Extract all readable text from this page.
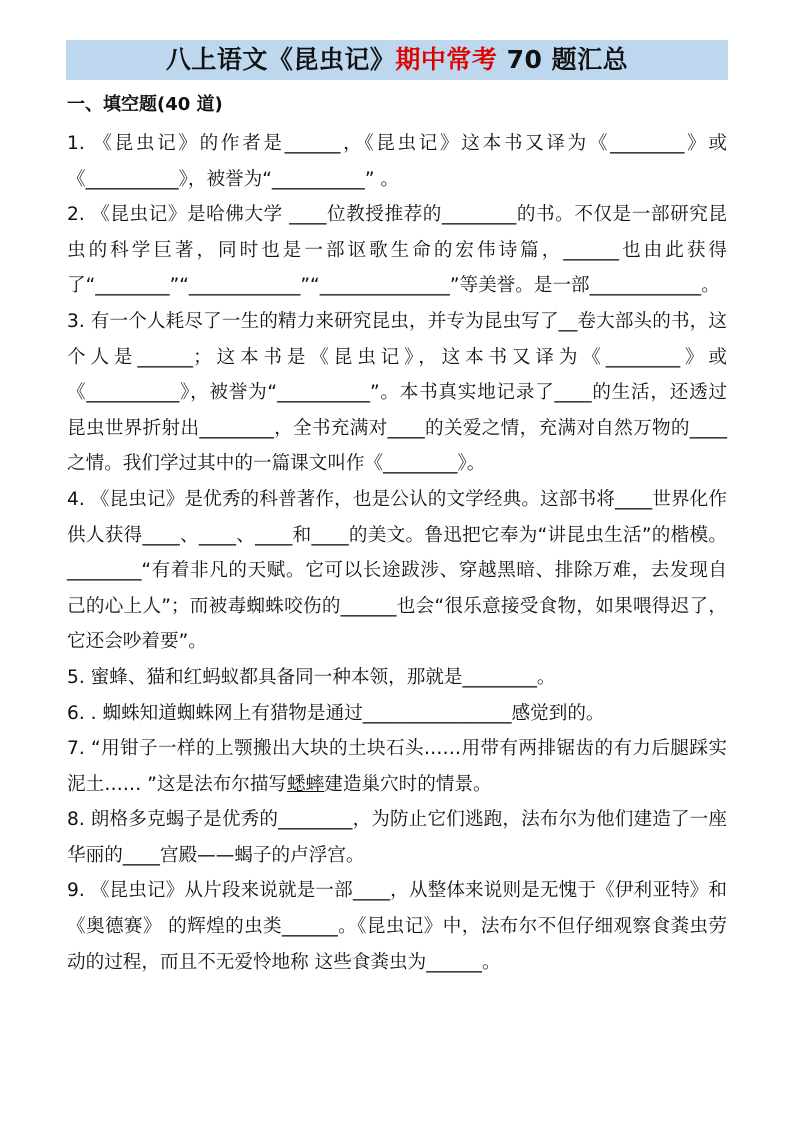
八上语文《昆虫记》期中常考 70 题汇总
一、填空题(40 道)

1. 《昆虫记》的作者是______，《昆虫记》这本书又译为《________》或《__________》，被誉为“__________” 。

2. 《昆虫记》是哈佛大学 ____位教授推荐的________的书。不仅是一部研究昆虫的科学巨著，同时也是一部讴歌生命的宏伟诗篇，______也由此获得了“________”“____________”“______________”等美誉。是一部____________。

3. 有一个人耗尽了一生的精力来研究昆虫，并专为昆虫写了__卷大部头的书，这个人是______；这本书是《昆虫记》，这本书又译为《________》或《__________》，被誉为“__________”。本书真实地记录了____的生活，还透过昆虫世界折射出________，全书充满对____的关爱之情，充满对自然万物的____之情。我们学过其中的一篇课文叫作《________》。

4. 《昆虫记》是优秀的科普著作，也是公认的文学经典。这部书将____世界化作供人获得____、____、____和____的美文。鲁迅把它奉为“讲昆虫生活”的楷模。________“有着非凡的天赋。它可以长途跋涉、穿越黑暗、排除万难，去发现自己的心上人”；而被毒蜘蛛咬伤的______也会“很乐意接受食物，如果喂得迟了，它还会吵着要”。

5. 蜜蜂、猫和红蚂蚁都具备同一种本领，那就是________。

6. . 蜘蛛知道蜘蛛网上有猎物是通过________________感觉到的。

7. “用钳子一样的上颚搬出大块的土块石头……用带有两排锯齿的有力后腿踩实泥土…… ”这是法布尔描写蟋蟀建造巢穴时的情景。

8. 朗格多克蝎子是优秀的________，为防止它们逃跑，法布尔为他们建造了一座华丽的____宫殿——蝎子的卢浮宫。

9. 《昆虫记》从片段来说就是一部____，从整体来说则是无愧于《伊利亚特》和《奥德赛》 的辉煌的虫类______。《昆虫记》中，法布尔不但仔细观察食粪虫劳动的过程，而且不无爱怜地称 这些食粪虫为______。
